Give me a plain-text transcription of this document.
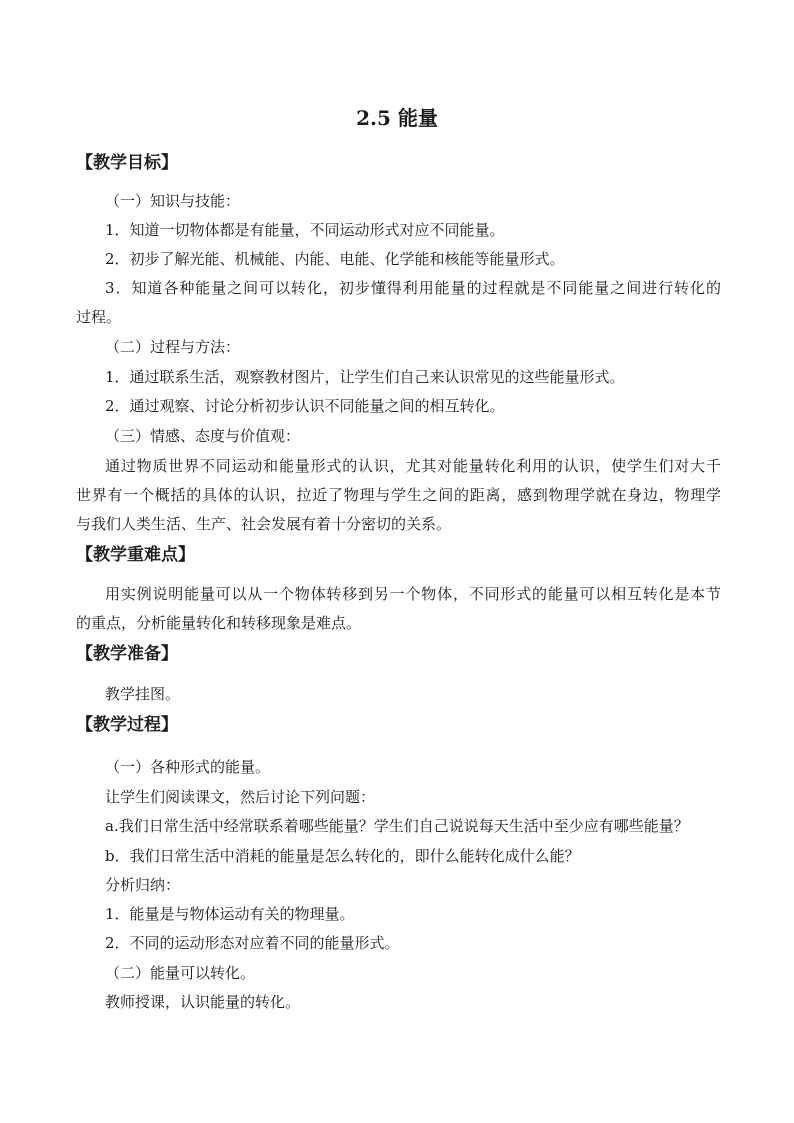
2.5 能量
【教学目标】
（一）知识与技能：
1．知道一切物体都是有能量，不同运动形式对应不同能量。
2．初步了解光能、机械能、内能、电能、化学能和核能等能量形式。
3．知道各种能量之间可以转化，初步懂得利用能量的过程就是不同能量之间进行转化的
过程。
（二）过程与方法：
1．通过联系生活，观察教材图片，让学生们自己来认识常见的这些能量形式。
2．通过观察、讨论分析初步认识不同能量之间的相互转化。
（三）情感、态度与价值观：
通过物质世界不同运动和能量形式的认识，尤其对能量转化利用的认识，使学生们对大千
世界有一个概括的具体的认识，拉近了物理与学生之间的距离，感到物理学就在身边，物理学
与我们人类生活、生产、社会发展有着十分密切的关系。
【教学重难点】
用实例说明能量可以从一个物体转移到另一个物体，不同形式的能量可以相互转化是本节
的重点，分析能量转化和转移现象是难点。
【教学准备】
教学挂图。
【教学过程】
（一）各种形式的能量。
让学生们阅读课文，然后讨论下列问题：
a.我们日常生活中经常联系着哪些能量？学生们自己说说每天生活中至少应有哪些能量？
b．我们日常生活中消耗的能量是怎么转化的，即什么能转化成什么能？
分析归纳：
1．能量是与物体运动有关的物理量。
2．不同的运动形态对应着不同的能量形式。
（二）能量可以转化。
教师授课，认识能量的转化。
